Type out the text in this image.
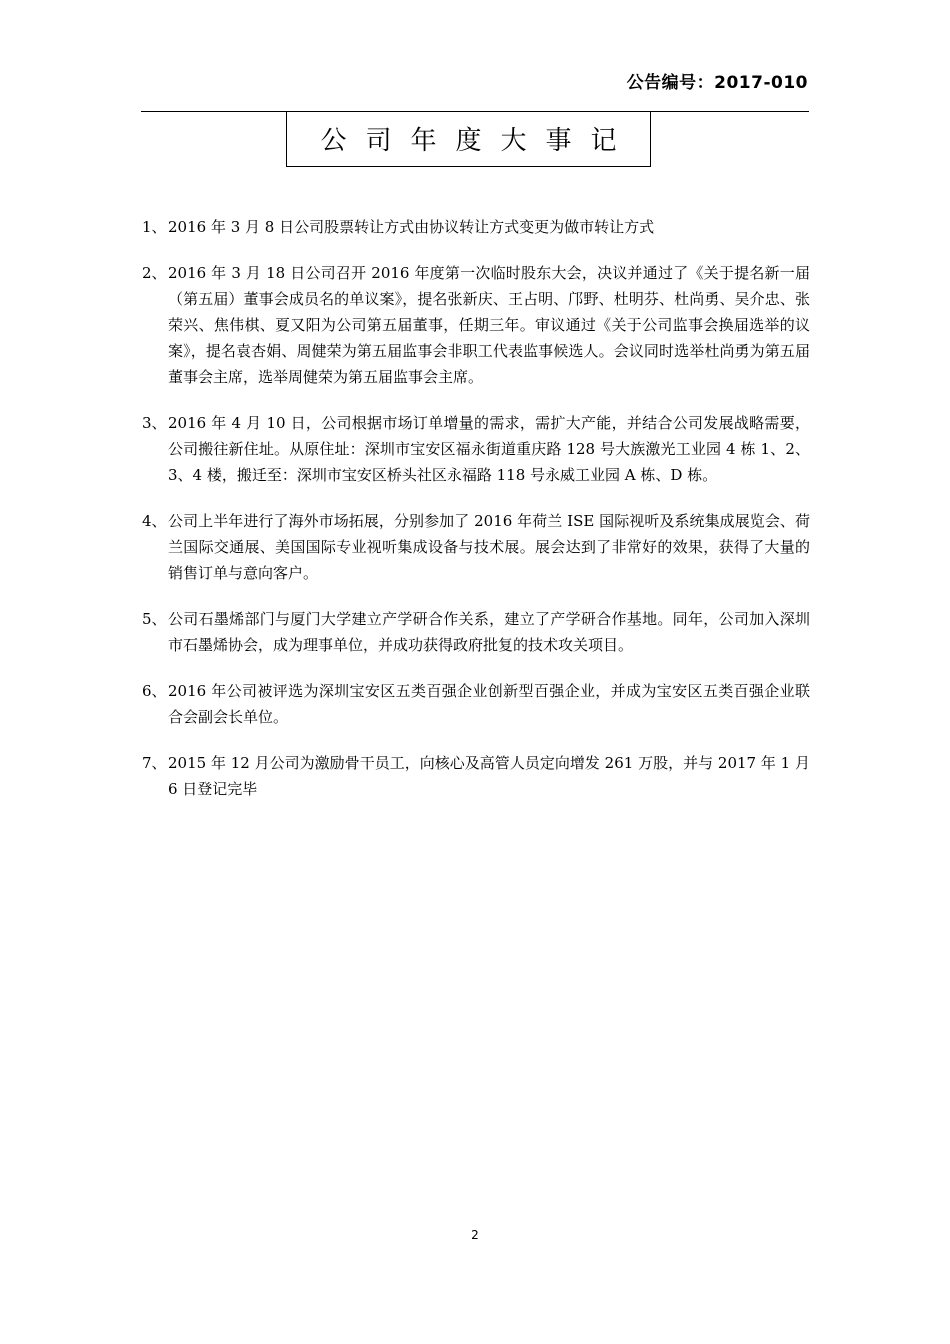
公告编号：2017-010
公司年度大事记
1、 2016 年 3 月 8 日公司股票转让方式由协议转让方式变更为做市转让方式
2、 2016 年 3 月 18 日公司召开 2016 年度第一次临时股东大会，决议并通过了《关于提名新一届（第五届）董事会成员名的单议案》，提名张新庆、王占明、邝野、杜明芬、杜尚勇、吴介忠、张荣兴、焦伟棋、夏又阳为公司第五届董事，任期三年。审议通过《关于公司监事会换届选举的议案》，提名袁杏娟、周健荣为第五届监事会非职工代表监事候选人。会议同时选举杜尚勇为第五届董事会主席，选举周健荣为第五届监事会主席。
3、 2016 年 4 月 10 日，公司根据市场订单增量的需求，需扩大产能，并结合公司发展战略需要，公司搬往新住址。从原住址：深圳市宝安区福永街道重庆路 128 号大族激光工业园 4 栋 1、2、3、4 楼，搬迁至：深圳市宝安区桥头社区永福路 118 号永威工业园 A 栋、D 栋。
4、 公司上半年进行了海外市场拓展，分别参加了 2016 年荷兰 ISE 国际视听及系统集成展览会、荷兰国际交通展、美国国际专业视听集成设备与技术展。展会达到了非常好的效果，获得了大量的销售订单与意向客户。
5、 公司石墨烯部门与厦门大学建立产学研合作关系，建立了产学研合作基地。同年，公司加入深圳市石墨烯协会，成为理事单位，并成功获得政府批复的技术攻关项目。
6、 2016 年公司被评选为深圳宝安区五类百强企业创新型百强企业，并成为宝安区五类百强企业联合会副会长单位。
7、 2015 年 12 月公司为激励骨干员工，向核心及高管人员定向增发 261 万股，并与 2017 年 1 月 6 日登记完毕
2
